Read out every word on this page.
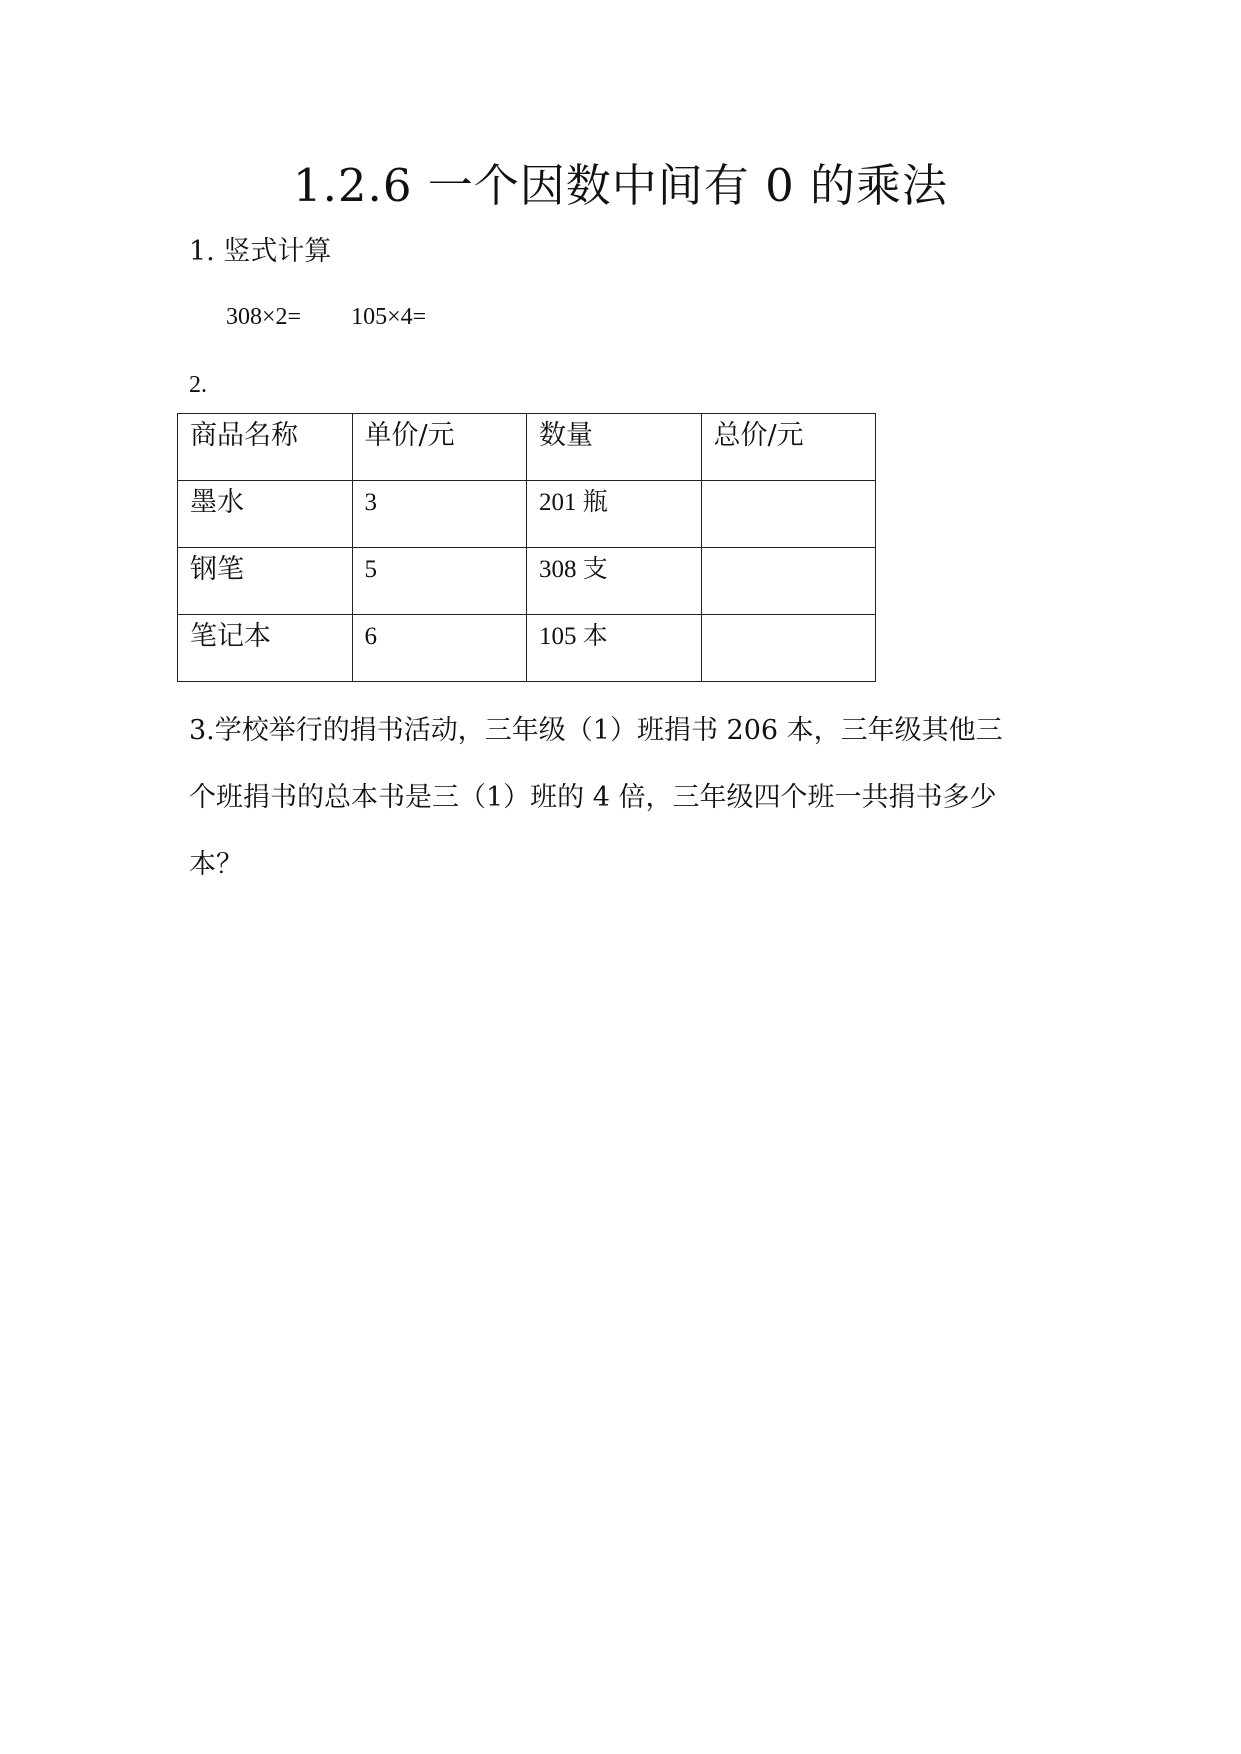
1.2.6 一个因数中间有 0 的乘法
1. 竖式计算
308×2= 105×4=
2.
商品名称	单价/元	数量	总价/元

墨水	3	201 瓶	

钢笔	5	308 支	

笔记本	6	105 本	

3.学校举行的捐书活动，三年级（1）班捐书 206 本，三年级其他三
个班捐书的总本书是三（1）班的 4 倍，三年级四个班一共捐书多少
本？
